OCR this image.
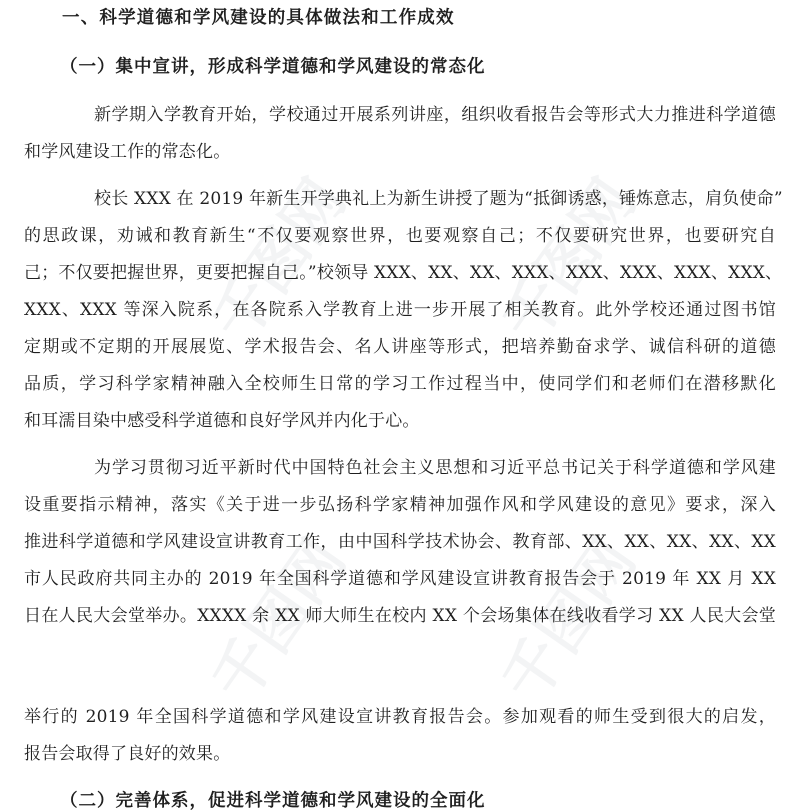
千图网 千图网
千图网 千图网
一、科学道德和学风建设的具体做法和工作成效
（一）集中宣讲，形成科学道德和学风建设的常态化
新学期入学教育开始，学校通过开展系列讲座，组织收看报告会等形式大力推进科学道德
和学风建设工作的常态化。
校长 XXX 在 2019 年新生开学典礼上为新生讲授了题为“抵御诱惑，锤炼意志，肩负使命”
的思政课，劝诫和教育新生“不仅要观察世界，也要观察自己；不仅要研究世界，也要研究自
己；不仅要把握世界，更要把握自己。”校领导 XXX、XX、XX、XXX、XXX、XXX、XXX、XXX、
XXX、XXX 等深入院系，在各院系入学教育上进一步开展了相关教育。此外学校还通过图书馆
定期或不定期的开展展览、学术报告会、名人讲座等形式，把培养勤奋求学、诚信科研的道德
品质，学习科学家精神融入全校师生日常的学习工作过程当中，使同学们和老师们在潜移默化
和耳濡目染中感受科学道德和良好学风并内化于心。
为学习贯彻习近平新时代中国特色社会主义思想和习近平总书记关于科学道德和学风建
设重要指示精神，落实《关于进一步弘扬科学家精神加强作风和学风建设的意见》要求，深入
推进科学道德和学风建设宣讲教育工作，由中国科学技术协会、教育部、XX、XX、XX、XX、XX
市人民政府共同主办的 2019 年全国科学道德和学风建设宣讲教育报告会于 2019 年 XX 月 XX
日在人民大会堂举办。XXXX 余 XX 师大师生在校内 XX 个会场集体在线收看学习 XX 人民大会堂
举行的 2019 年全国科学道德和学风建设宣讲教育报告会。参加观看的师生受到很大的启发，
报告会取得了良好的效果。
（二）完善体系，促进科学道德和学风建设的全面化
